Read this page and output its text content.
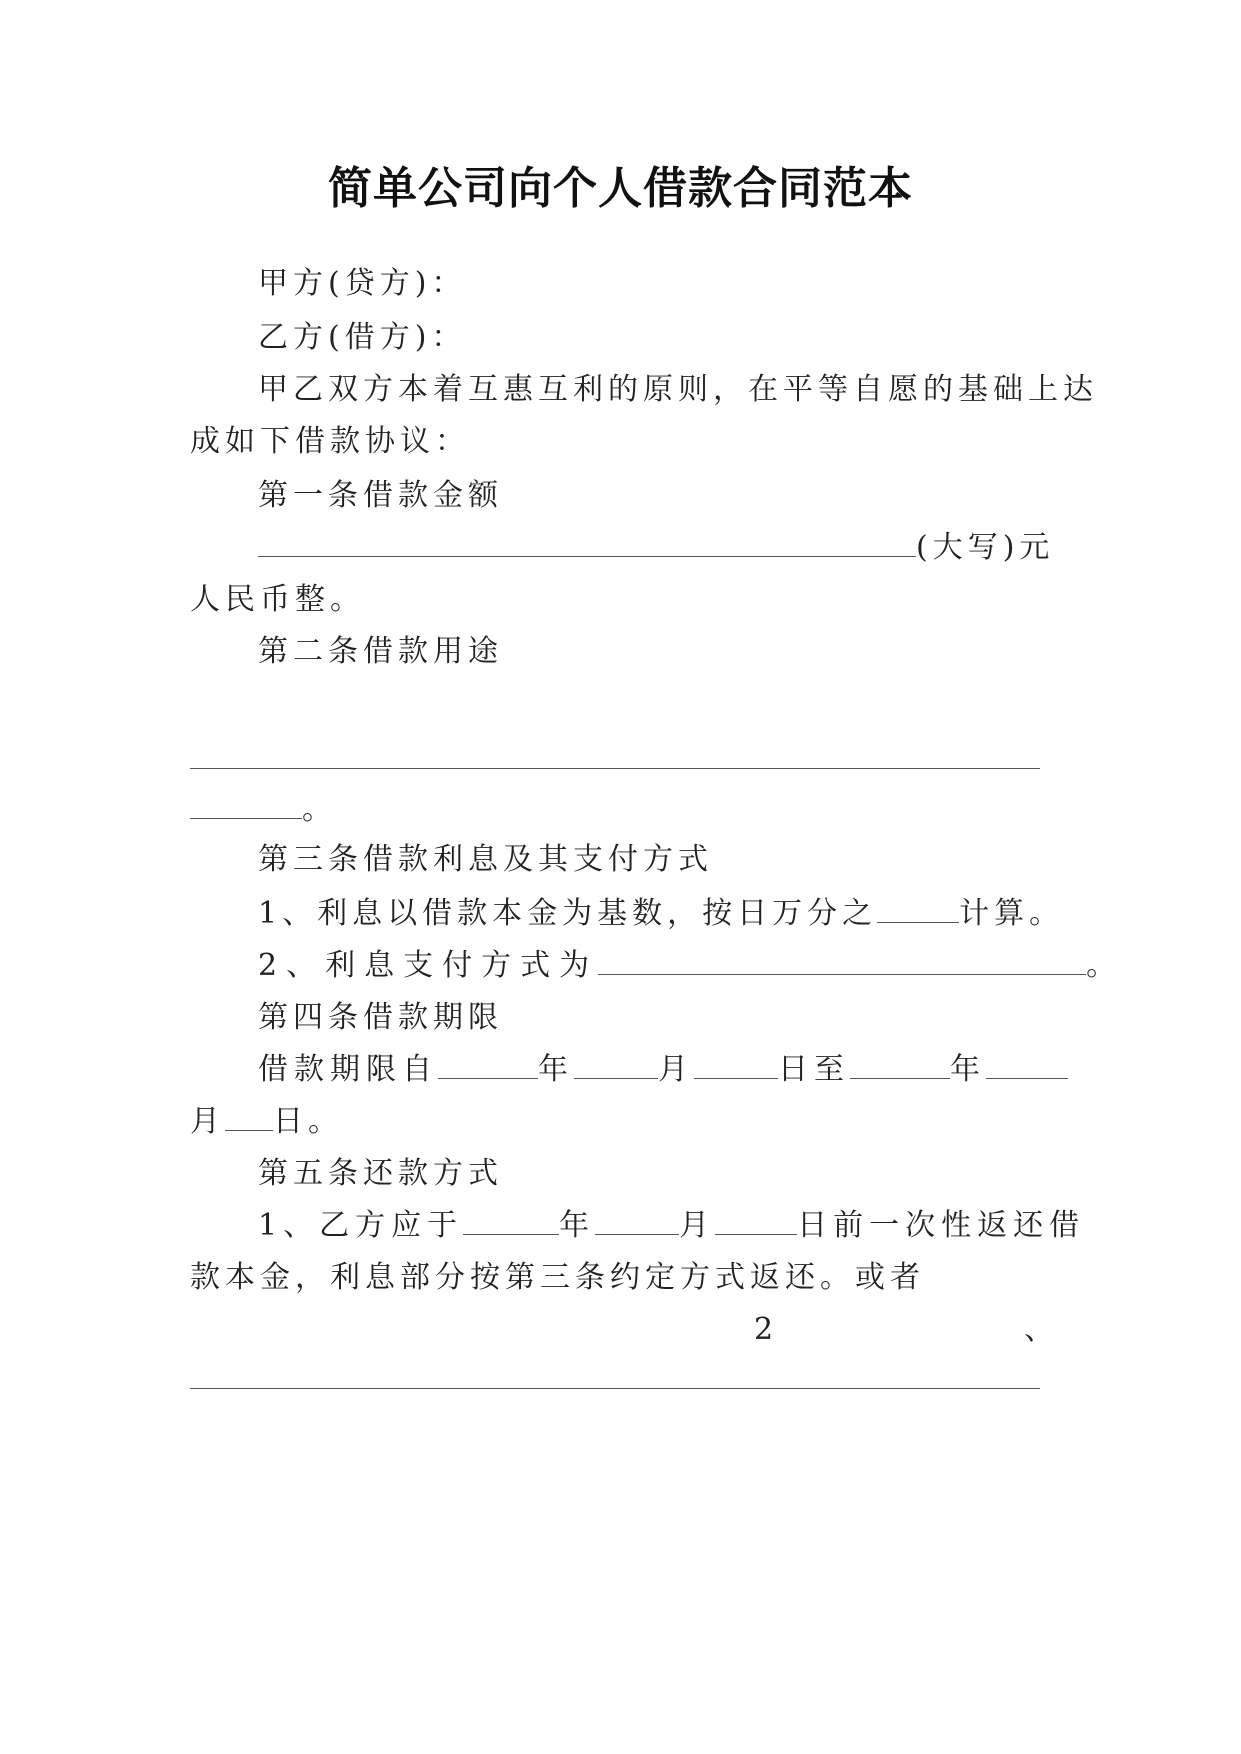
简单公司向个人借款合同范本
甲方(贷方)：
乙方(借方)：
甲乙双方本着互惠互利的原则，在平等自愿的基础上达
成如下借款协议：
第一条借款金额
(大写)元
人民币整。
第二条借款用途
。
第三条借款利息及其支付方式
1、利息以借款本金为基数，按日万分之	计算。
2、利息支付方式为	。
第四条借款期限
借款期限自	年	月	日至	年
月 日。
第五条还款方式
1、乙方应于	年	月	日前一次性返还借
款本金，利息部分按第三条约定方式返还。或者
2	、
